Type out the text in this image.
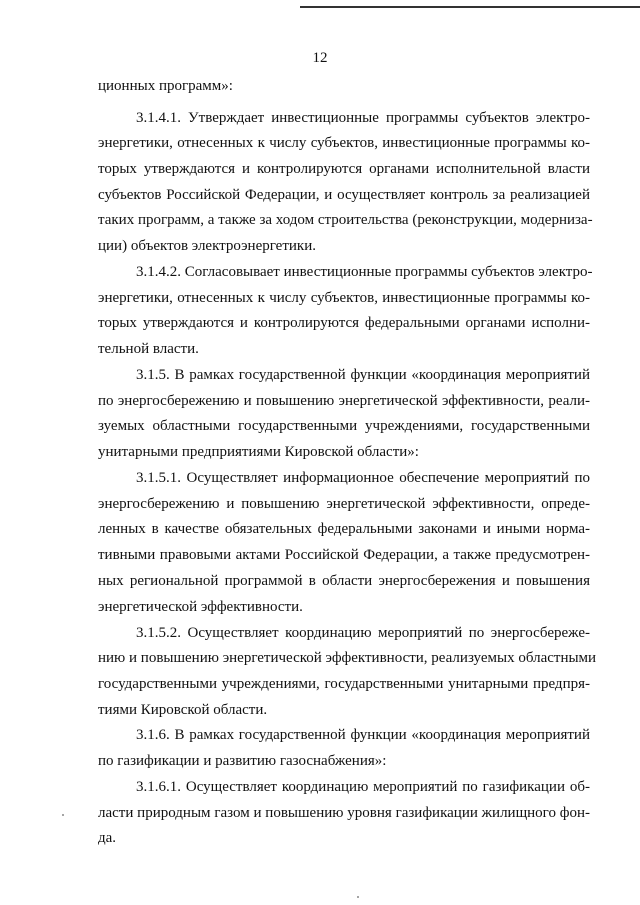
12
ционных программ»:
3.1.4.1. Утверждает инвестиционные программы субъектов электро-
энергетики, отнесенных к числу субъектов, инвестиционные программы ко-
торых утверждаются и контролируются органами исполнительной власти
субъектов Российской Федерации, и осуществляет контроль за реализацией
таких программ, а также за ходом строительства (реконструкции, модерниза-
ции) объектов электроэнергетики.
3.1.4.2. Согласовывает инвестиционные программы субъектов электро-
энергетики, отнесенных к числу субъектов, инвестиционные программы ко-
торых утверждаются и контролируются федеральными органами исполни-
тельной власти.
3.1.5. В рамках государственной функции «координация мероприятий
по энергосбережению и повышению энергетической эффективности, реали-
зуемых областными государственными учреждениями, государственными
унитарными предприятиями Кировской области»:
3.1.5.1. Осуществляет информационное обеспечение мероприятий по
энергосбережению и повышению энергетической эффективности, опреде-
ленных в качестве обязательных федеральными законами и иными норма-
тивными правовыми актами Российской Федерации, а также предусмотрен-
ных региональной программой в области энергосбережения и повышения
энергетической эффективности.
3.1.5.2. Осуществляет координацию мероприятий по энергосбереже-
нию и повышению энергетической эффективности, реализуемых областными
государственными учреждениями, государственными унитарными предпря-
тиями Кировской области.
3.1.6. В рамках государственной функции «координация мероприятий
по газификации и развитию газоснабжения»:
3.1.6.1. Осуществляет координацию мероприятий по газификации об-
ласти природным газом и повышению уровня газификации жилищного фон-
да.
